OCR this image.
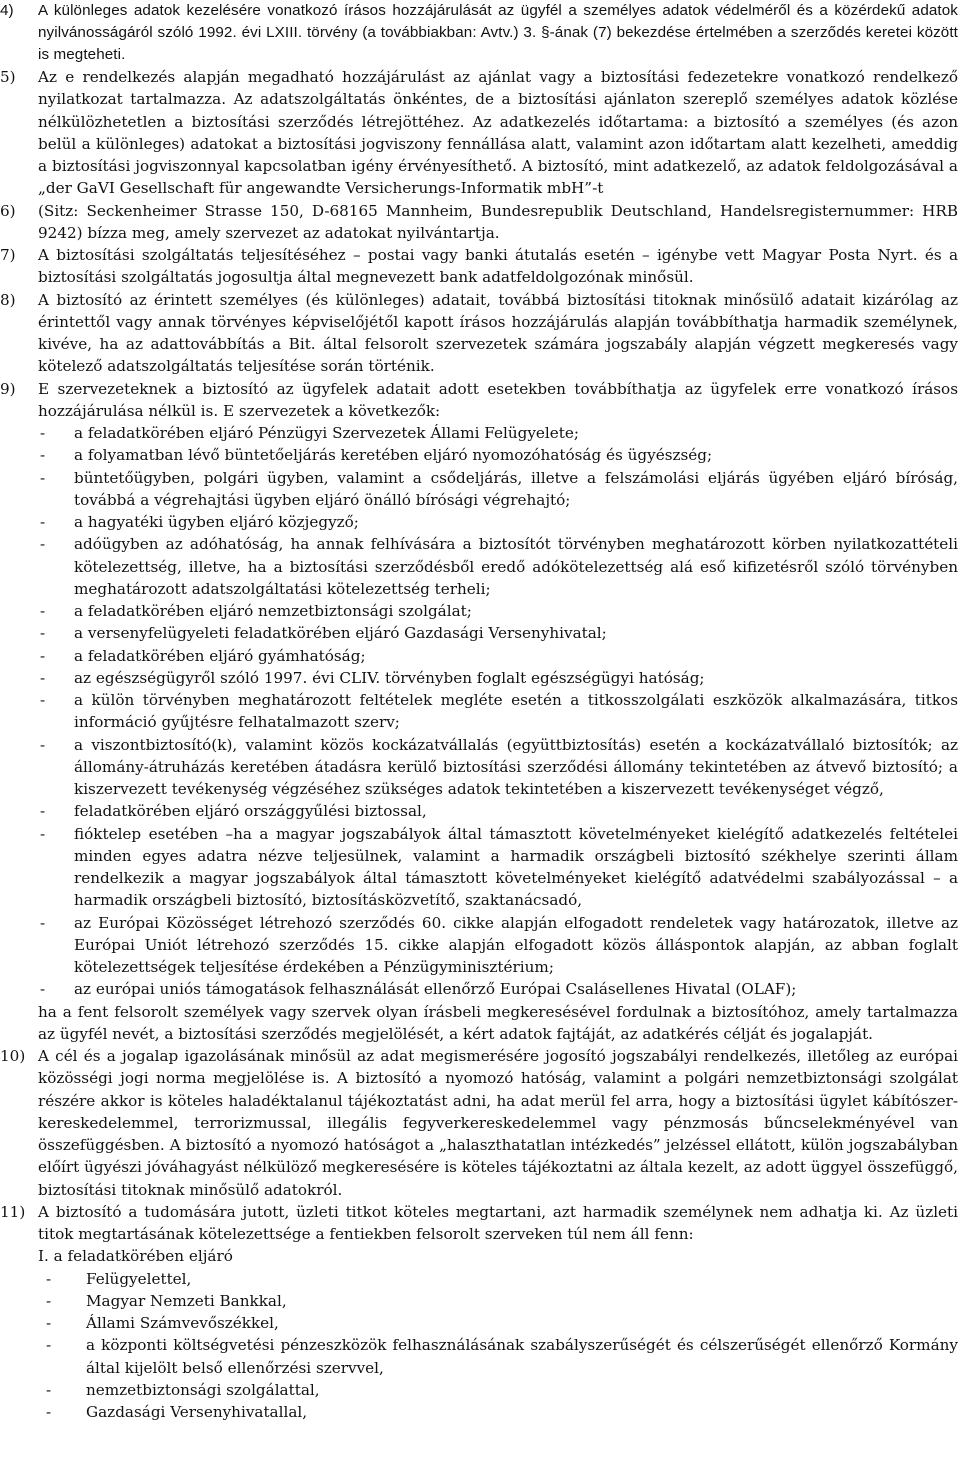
4) A különleges adatok kezelésére vonatkozó írásos hozzájárulását az ügyfél a személyes adatok védelméről és a közérdekű adatok nyilvánosságáról szóló 1992. évi LXIII. törvény (a továbbiakban: Avtv.) 3. §-ának (7) bekezdése értelmében a szerződés keretei között is megteheti.
5) Az e rendelkezés alapján megadható hozzájárulást az ajánlat vagy a biztosítási fedezetekre vonatkozó rendelkező nyilatkozat tartalmazza. Az adatszolgáltatás önkéntes, de a biztosítási ajánlaton szereplő személyes adatok közlése nélkülözhetetlen a biztosítási szerződés létrejöttéhez. Az adatkezelés időtartama: a biztosító a személyes (és azon belül a különleges) adatokat a biztosítási jogviszony fennállása alatt, valamint azon időtartam alatt kezelheti, ameddig a biztosítási jogviszonnyal kapcsolatban igény érvényesíthető. A biztosító, mint adatkezelő, az adatok feldolgozásával a „der GaVI Gesellschaft für angewandte Versicherungs-Informatik mbH”-t
6) (Sitz: Seckenheimer Strasse 150, D-68165 Mannheim, Bundesrepublik Deutschland, Handelsregisternummer: HRB 9242) bízza meg, amely szervezet az adatokat nyilvántartja.
7) A biztosítási szolgáltatás teljesítéséhez – postai vagy banki átutalás esetén – igénybe vett Magyar Posta Nyrt. és a biztosítási szolgáltatás jogosultja által megnevezett bank adatfeldolgozónak minősül.
8) A biztosító az érintett személyes (és különleges) adatait, továbbá biztosítási titoknak minősülő adatait kizárólag az érintettől vagy annak törvényes képviselőjétől kapott írásos hozzájárulás alapján továbbíthatja harmadik személynek, kivéve, ha az adattovábbítás a Bit. által felsorolt szervezetek számára jogszabály alapján végzett megkeresés vagy kötelező adatszolgáltatás teljesítése során történik.
9) E szervezeteknek a biztosító az ügyfelek adatait adott esetekben továbbíthatja az ügyfelek erre vonatkozó írásos hozzájárulása nélkül is. E szervezetek a következők:
- a feladatkörében eljáró Pénzügyi Szervezetek Állami Felügyelete;
- a folyamatban lévő büntetőeljárás keretében eljáró nyomozóhatóság és ügyészség;
- büntetőügyben, polgári ügyben, valamint a csődeljárás, illetve a felszámolási eljárás ügyében eljáró bíróság, továbbá a végrehajtási ügyben eljáró önálló bírósági végrehajtó;
- a hagyatéki ügyben eljáró közjegyző;
- adóügyben az adóhatóság, ha annak felhívására a biztosítót törvényben meghatározott körben nyilatkozattételi kötelezettség, illetve, ha a biztosítási szerződésből eredő adókötelezettség alá eső kifizetésről szóló törvényben meghatározott adatszolgáltatási kötelezettség terheli;
- a feladatkörében eljáró nemzetbiztonsági szolgálat;
- a versenyfelügyeleti feladatkörében eljáró Gazdasági Versenyhivatal;
- a feladatkörében eljáró gyámhatóság;
- az egészségügyről szóló 1997. évi CLIV. törvényben foglalt egészségügyi hatóság;
- a külön törvényben meghatározott feltételek megléte esetén a titkosszolgálati eszközök alkalmazására, titkos információ gyűjtésre felhatalmazott szerv;
- a viszontbiztosító(k), valamint közös kockázatvállalás (együttbiztosítás) esetén a kockázatvállaló biztosítók; az állomány-átruházás keretében átadásra kerülő biztosítási szerződési állomány tekintetében az átvevő biztosító; a kiszervezett tevékenység végzéséhez szükséges adatok tekintetében a kiszervezett tevékenységet végző,
- feladatkörében eljáró országgyűlési biztossal,
- fióktelep esetében –ha a magyar jogszabályok által támasztott követelményeket kielégítő adatkezelés feltételei minden egyes adatra nézve teljesülnek, valamint a harmadik országbeli biztosító székhelye szerinti állam rendelkezik a magyar jogszabályok által támasztott követelményeket kielégítő adatvédelmi szabályozással – a harmadik országbeli biztosító, biztosításközvetítő, szaktanácsadó,
- az Európai Közösséget létrehozó szerződés 60. cikke alapján elfogadott rendeletek vagy határozatok, illetve az Európai Uniót létrehozó szerződés 15. cikke alapján elfogadott közös álláspontok alapján, az abban foglalt kötelezettségek teljesítése érdekében a Pénzügyminisztérium;
- az európai uniós támogatások felhasználását ellenőrző Európai Csalásellenes Hivatal (OLAF);
ha a fent felsorolt személyek vagy szervek olyan írásbeli megkeresésével fordulnak a biztosítóhoz, amely tartalmazza az ügyfél nevét, a biztosítási szerződés megjelölését, a kért adatok fajtáját, az adatkérés célját és jogalapját.
10) A cél és a jogalap igazolásának minősül az adat megismerésére jogosító jogszabályi rendelkezés, illetőleg az európai közösségi jogi norma megjelölése is. A biztosító a nyomozó hatóság, valamint a polgári nemzetbiztonsági szolgálat részére akkor is köteles haladéktalanul tájékoztatást adni, ha adat merül fel arra, hogy a biztosítási ügylet kábítószer-kereskedelemmel, terrorizmussal, illegális fegyverkereskedelemmel vagy pénzmosás bűncselekményével van összefüggésben. A biztosító a nyomozó hatóságot a „halaszthatatlan intézkedés” jelzéssel ellátott, külön jogszabályban előírt ügyészi jóváhagyást nélkülöző megkeresésére is köteles tájékoztatni az általa kezelt, az adott üggyel összefüggő, biztosítási titoknak minősülő adatokról.
11) A biztosító a tudomására jutott, üzleti titkot köteles megtartani, azt harmadik személynek nem adhatja ki. Az üzleti titok megtartásának kötelezettsége a fentiekben felsorolt szerveken túl nem áll fenn:
I. a feladatkörében eljáró
- Felügyelettel,
- Magyar Nemzeti Bankkal,
- Állami Számvevőszékkel,
- a központi költségvetési pénzeszközök felhasználásának szabályszerűségét és célszerűségét ellenőrző Kormány által kijelölt belső ellenőrzési szervvel,
- nemzetbiztonsági szolgálattal,
- Gazdasági Versenyhivatallal,
